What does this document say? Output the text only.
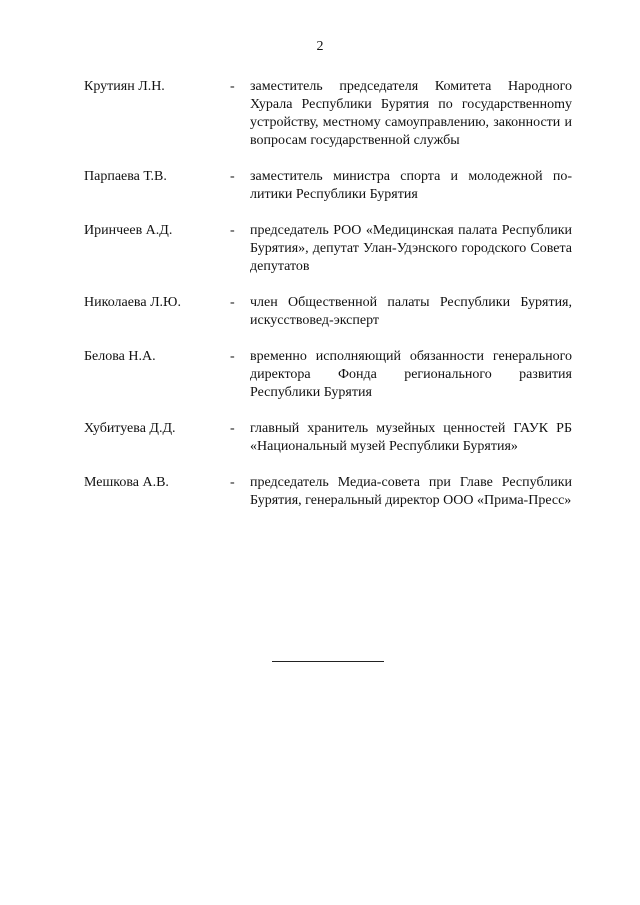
2
Крутиян Л.Н.	- заместитель председателя Комитета Народного Хурала Республики Бурятия по государственноmу устройству, местному самоуправлению, законности и вопросам государственной службы
Парпаева Т.В.	- заместитель министра спорта и молодежной политики Республики Бурятия
Иринчеев А.Д.	- председатель РОО «Медицинская палата Республики Бурятия», депутат Улан-Удэнского городского Совета депутатов
Николаева Л.Ю.	- член Общественной палаты Республики Бурятия, искусствовед-эксперт
Белова Н.А.	- временно исполняющий обязанности генерального директора Фонда регионального развития Республики Бурятия
Хубитуева Д.Д.	- главный хранитель музейных ценностей ГАУК РБ «Национальный музей Республики Бурятия»
Мешкова А.В.	- председатель Медиа-совета при Главе Республики Бурятия, генеральный директор ООО «Прима-Пресс»
